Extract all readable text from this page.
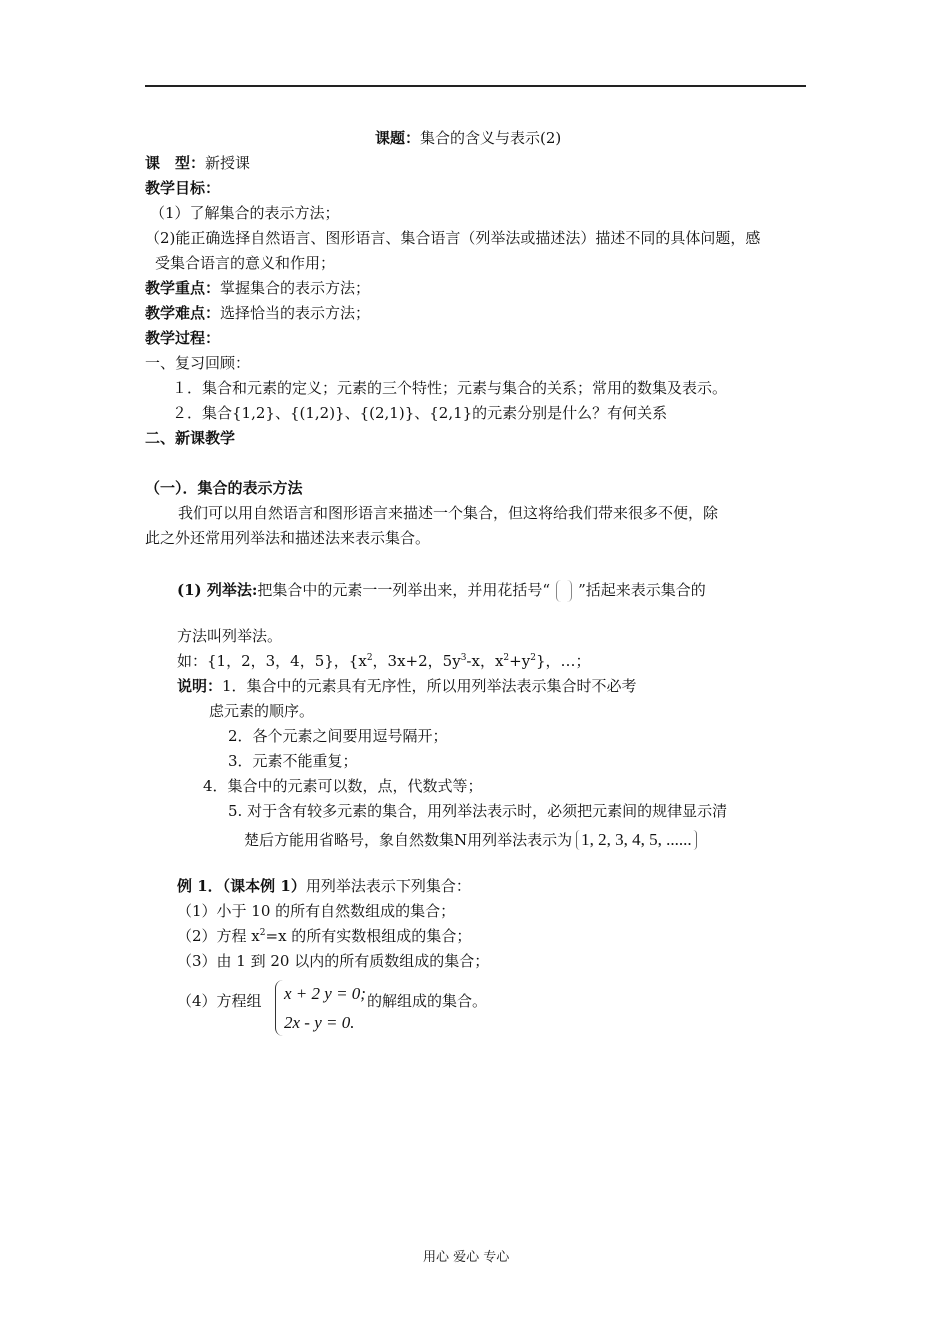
课题：集合的含义与表示(2)
课　型：新授课
教学目标：
（1）了解集合的表示方法；
（2)能正确选择自然语言、图形语言、集合语言（列举法或描述法）描述不同的具体问题，感
受集合语言的意义和作用；
教学重点：掌握集合的表示方法；
教学难点：选择恰当的表示方法；
教学过程：
一、复习回顾：
１．集合和元素的定义；元素的三个特性；元素与集合的关系；常用的数集及表示。
２．集合{1,2}、{(1,2)}、{(2,1)}、{2,1}的元素分别是什么？有何关系
二、新课教学
（一）．集合的表示方法
我们可以用自然语言和图形语言来描述一个集合，但这将给我们带来很多不便，除
此之外还常用列举法和描述法来表示集合。
(1) 列举法:把集合中的元素一一列举出来，并用花括号“ ”括起来表示集合的
方法叫列举法。
如：{1，2，3，4，5}，{$x^2$，3x+2，$5y^3-x$，$x^2+y^2$}，…；
说明：1．集合中的元素具有无序性，所以用列举法表示集合时不必考
虑元素的顺序。
2．各个元素之间要用逗号隔开；
3．元素不能重复；
4．集合中的元素可以数，点，代数式等；
5. 对于含有较多元素的集合，用列举法表示时，必须把元素间的规律显示清
楚后方能用省略号，象自然数集N用列举法表示为 1, 2, 3, 4, 5, ......
例 1．（课本例 1）用列举法表示下列集合：
（1）小于 10 的所有自然数组成的集合；
（2）方程 $x^2=x$ 的所有实数根组成的集合；
（3）由 1 到 20 以内的所有质数组成的集合；
（4）方程组 x + 2 y = 0;
2x - y = 0.
的解组成的集合。
用心 爱心 专心
